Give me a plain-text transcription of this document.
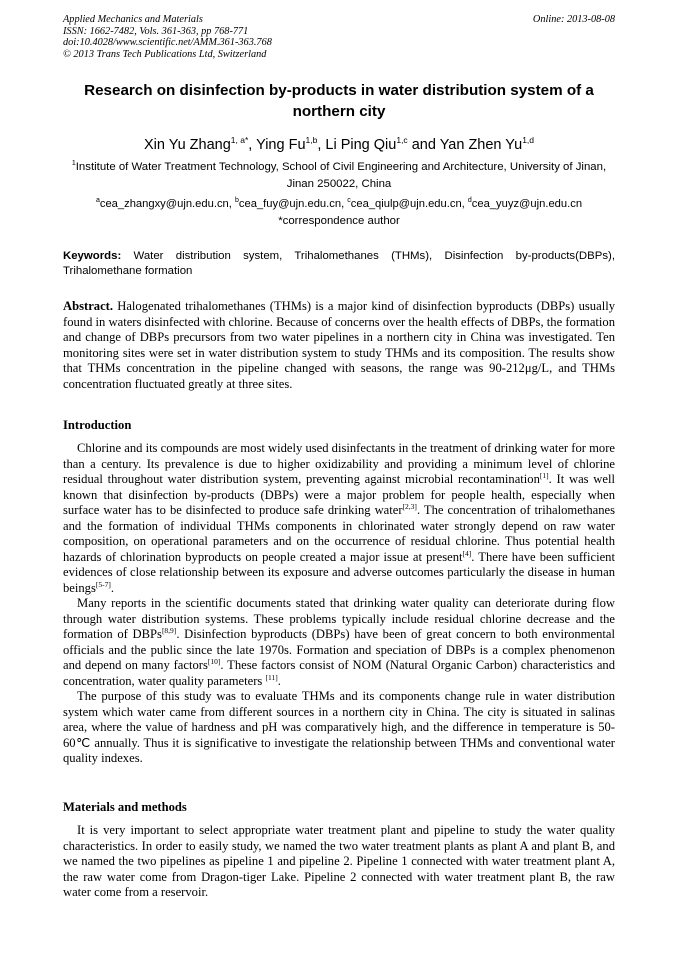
Applied Mechanics and Materials
ISSN: 1662-7482, Vols. 361-363, pp 768-771
doi:10.4028/www.scientific.net/AMM.361-363.768
© 2013 Trans Tech Publications Ltd, Switzerland
Online: 2013-08-08
Research on disinfection by-products in water distribution system of a northern city
Xin Yu Zhang$^{1, a*}$, Ying Fu$^{1,b}$, Li Ping Qiu$^{1,c}$ and Yan Zhen Yu$^{1,d}$
$^1$Institute of Water Treatment Technology, School of Civil Engineering and Architecture, University of Jinan, Jinan 250022, China
$^a$cea_zhangxy@ujn.edu.cn, $^b$cea_fuy@ujn.edu.cn, $^c$cea_qiulp@ujn.edu.cn, $^d$cea_yuyz@ujn.edu.cn
*correspondence author
Keywords: Water distribution system, Trihalomethanes (THMs), Disinfection by-products(DBPs), Trihalomethane formation
Abstract. Halogenated trihalomethanes (THMs) is a major kind of disinfection byproducts (DBPs) usually found in waters disinfected with chlorine. Because of concerns over the health effects of DBPs, the formation and change of DBPs precursors from two water pipelines in a northern city in China was investigated. Ten monitoring sites were set in water distribution system to study THMs and its composition. The results show that THMs concentration in the pipeline changed with seasons, the range was 90-212μg/L, and THMs concentration fluctuated greatly at three sites.
Introduction

Chlorine and its compounds are most widely used disinfectants in the treatment of drinking water for more than a century. Its prevalence is due to higher oxidizability and providing a minimum level of chlorine residual throughout water distribution system, preventing against microbial recontamination[1]. It was well known that disinfection by-products (DBPs) were a major problem for people health, especially when surface water has to be disinfected to produce safe drinking water[2,3]. The concentration of trihalomethanes and the formation of individual THMs components in chlorinated water strongly depend on raw water composition, on operational parameters and on the occurrence of residual chlorine. Thus potential health hazards of chlorination byproducts on people created a major issue at present[4]. There have been sufficient evidences of close relationship between its exposure and adverse outcomes particularly the disease in human beings[5-7].

Many reports in the scientific documents stated that drinking water quality can deteriorate during flow through water distribution systems. These problems typically include residual chlorine decrease and the formation of DBPs[8,9]. Disinfection byproducts (DBPs) have been of great concern to both environmental officials and the public since the late 1970s. Formation and speciation of DBPs is a complex phenomenon and depend on many factors[10]. These factors consist of NOM (Natural Organic Carbon) characteristics and concentration, water quality parameters [11].

The purpose of this study was to evaluate THMs and its components change rule in water distribution system which water came from different sources in a northern city in China. The city is situated in salinas area, where the value of hardness and pH was comparatively high, and the difference in temperature is 50-60℃ annually. Thus it is significative to investigate the relationship between THMs and conventional water quality indexes.

Materials and methods

It is very important to select appropriate water treatment plant and pipeline to study the water quality characteristics. In order to easily study, we named the two water treatment plants as plant A and plant B, and we named the two pipelines as pipeline 1 and pipeline 2. Pipeline 1 connected with water treatment plant A, the raw water come from Dragon-tiger Lake. Pipeline 2 connected with water treatment plant B, the raw water come from a reservoir.
